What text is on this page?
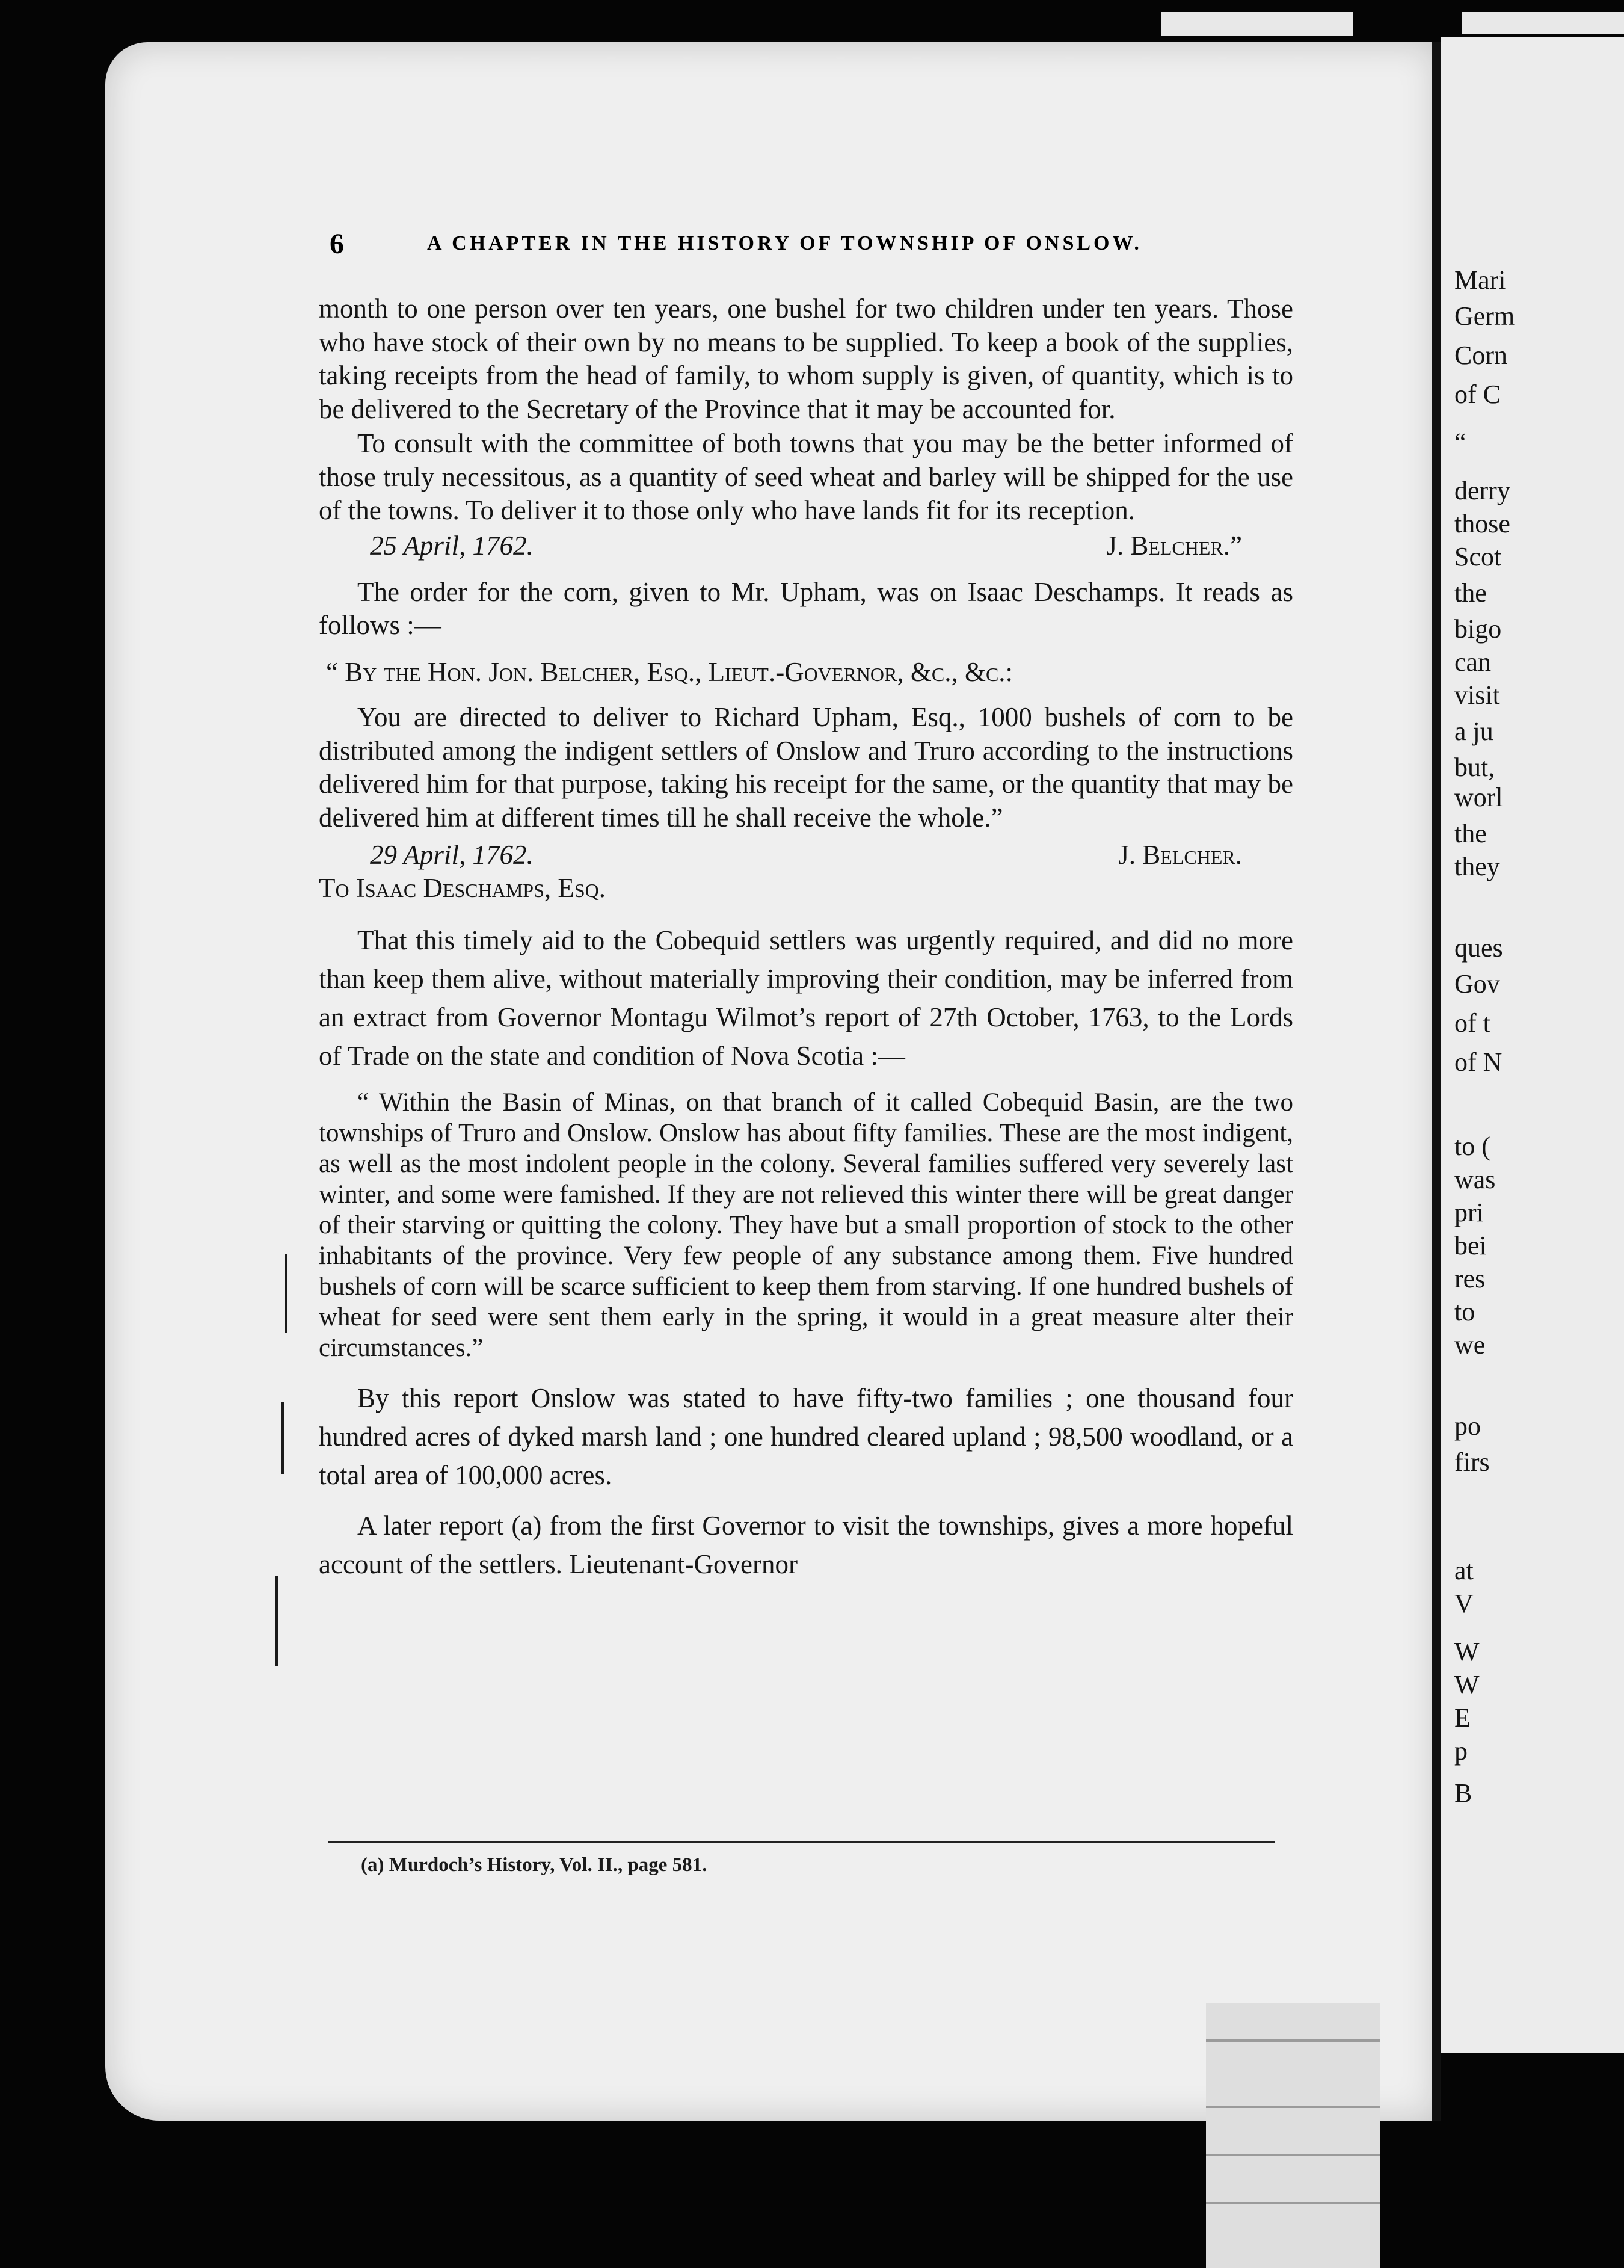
Mari
Germ
Corn
of C
“
derry
those
Scot
the
bigo
can
visit
a ju
but,
worl
the
they
ques
Gov
of t
of N
to (
was
pri
bei
res
to
we
po
firs
at
V
W
W
E
p
B
6	A CHAPTER IN THE HISTORY OF TOWNSHIP OF ONSLOW.

month to one person over ten years, one bushel for two children under ten years. Those who have stock of their own by no means to be supplied. To keep a book of the supplies, taking receipts from the head of family, to whom supply is given, of quantity, which is to be delivered to the Secretary of the Province that it may be accounted for.

To consult with the committee of both towns that you may be the better informed of those truly necessitous, as a quantity of seed wheat and barley will be shipped for the use of the towns. To deliver it to those only who have lands fit for its reception.

25 April, 1762.	J. Belcher.”

The order for the corn, given to Mr. Upham, was on Isaac Deschamps. It reads as follows :—

“ By the Hon. Jon. Belcher, Esq., Lieut.-Governor, &c., &c.:

You are directed to deliver to Richard Upham, Esq., 1000 bushels of corn to be distributed among the indigent settlers of Onslow and Truro according to the instructions delivered him for that purpose, taking his receipt for the same, or the quantity that may be delivered him at different times till he shall receive the whole.”

29 April, 1762.	J. Belcher.

To Isaac Deschamps, Esq.

That this timely aid to the Cobequid settlers was urgently required, and did no more than keep them alive, without materially improving their condition, may be inferred from an extract from Governor Montagu Wilmot’s report of 27th October, 1763, to the Lords of Trade on the state and condition of Nova Scotia :—

“ Within the Basin of Minas, on that branch of it called Cobequid Basin, are the two townships of Truro and Onslow. Onslow has about fifty families. These are the most indigent, as well as the most indolent people in the colony. Several families suffered very severely last winter, and some were famished. If they are not relieved this winter there will be great danger of their starving or quitting the colony. They have but a small proportion of stock to the other inhabitants of the province. Very few people of any substance among them. Five hundred bushels of corn will be scarce sufficient to keep them from starving. If one hundred bushels of wheat for seed were sent them early in the spring, it would in a great measure alter their circumstances.”

By this report Onslow was stated to have fifty-two families ; one thousand four hundred acres of dyked marsh land ; one hundred cleared upland ; 98,500 woodland, or a total area of 100,000 acres.

A later report (a) from the first Governor to visit the townships, gives a more hopeful account of the settlers. Lieutenant-Governor

(a) Murdoch’s History, Vol. II., page 581.
